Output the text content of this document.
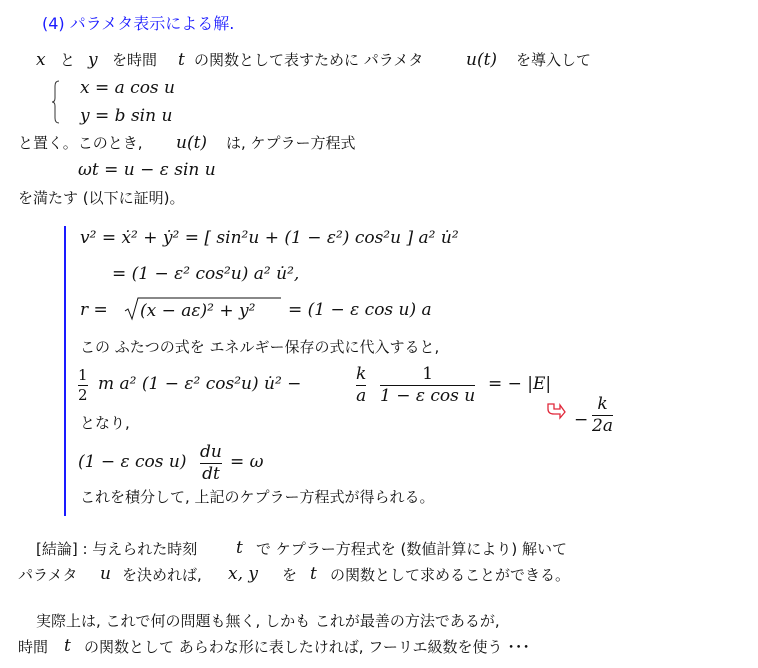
(4) パラメタ表示による解.
x と y を時間 t の関数として表すために パラメタ	u(t) を導入して
x = a cos u
y = b sin u
と置く。このとき, u(t) は, ケプラー方程式
ωt = u − ε sin u
を満たす (以下に証明)。
v² = ẋ² + ẏ² = [ sin²u + (1 − ε²) cos²u ] a² u̇²
= (1 − ε² cos²u) a² u̇²,
r = (x − aε)² + y² = (1 − ε cos u) a
この ふたつの式を エネルギー保存の式に代入すると,
1
2
m a² (1 − ε² cos²u) u̇² −	k
a
1
1 − ε cos u
= − |E|
−
k
2a
となり,
(1 − ε cos u) du
dt
= ω
これを積分して, 上記のケプラー方程式が得られる。
[結論] : 与えられた時刻 t で ケプラー方程式を (数値計算により) 解いて
パラメタ u を決めれば, x, y を t の関数として求めることができる。
実際上は, これで何の問題も無く, しかも これが最善の方法であるが,
時間 t の関数として あらわな形に表したければ, フーリエ級数を使う ･･･
